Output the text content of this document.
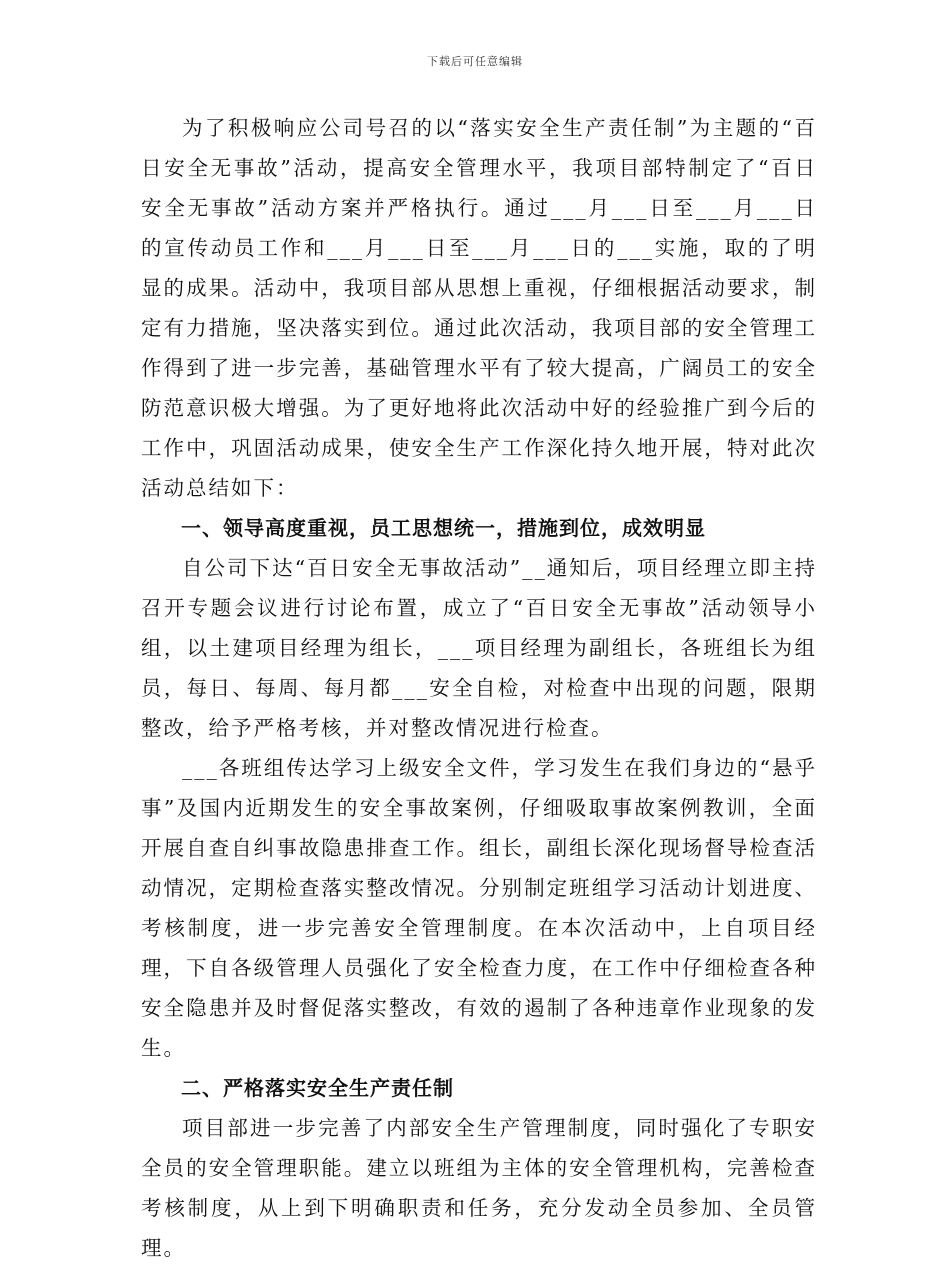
下载后可任意编辑

为了积极响应公司号召的以“落实安全生产责任制”为主题的“百日安全无事故”活动，提高安全管理水平，我项目部特制定了“百日安全无事故”活动方案并严格执行。通过___月___日至___月___日的宣传动员工作和___月___日至___月___日的___实施，取的了明显的成果。活动中，我项目部从思想上重视，仔细根据活动要求，制定有力措施，坚决落实到位。通过此次活动，我项目部的安全管理工作得到了进一步完善，基础管理水平有了较大提高，广阔员工的安全防范意识极大增强。为了更好地将此次活动中好的经验推广到今后的工作中，巩固活动成果，使安全生产工作深化持久地开展，特对此次活动总结如下：

一、领导高度重视，员工思想统一，措施到位，成效明显

自公司下达“百日安全无事故活动”__通知后，项目经理立即主持召开专题会议进行讨论布置，成立了“百日安全无事故”活动领导小组，以土建项目经理为组长，___项目经理为副组长，各班组长为组员，每日、每周、每月都___安全自检，对检查中出现的问题，限期整改，给予严格考核，并对整改情况进行检查。

___各班组传达学习上级安全文件，学习发生在我们身边的“悬乎事”及国内近期发生的安全事故案例，仔细吸取事故案例教训，全面开展自查自纠事故隐患排查工作。组长，副组长深化现场督导检查活动情况，定期检查落实整改情况。分别制定班组学习活动计划进度、考核制度，进一步完善安全管理制度。在本次活动中，上自项目经理，下自各级管理人员强化了安全检查力度，在工作中仔细检查各种安全隐患并及时督促落实整改，有效的遏制了各种违章作业现象的发生。

二、严格落实安全生产责任制

项目部进一步完善了内部安全生产管理制度，同时强化了专职安全员的安全管理职能。建立以班组为主体的安全管理机构，完善检查考核制度，从上到下明确职责和任务，充分发动全员参加、全员管理。
